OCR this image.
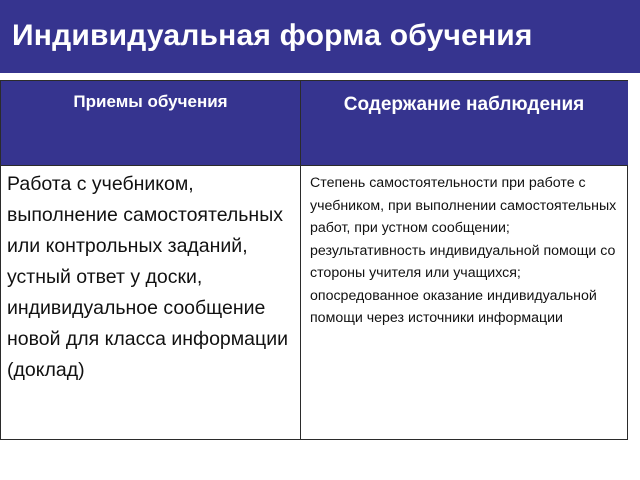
Индивидуальная форма обучения
Приемы обучения	Содержание наблюдения
Работа с учебником, выполнение самостоятельных или контрольных заданий, устный ответ у доски, индивидуальное сообщение новой для класса информации (доклад)
Степень самостоятельности при работе с учебником, при выполнении самостоятельных работ, при устном сообщении; результативность индивидуальной помощи со стороны учителя или учащихся; опосредованное оказание индивидуальной помощи через источники информации
